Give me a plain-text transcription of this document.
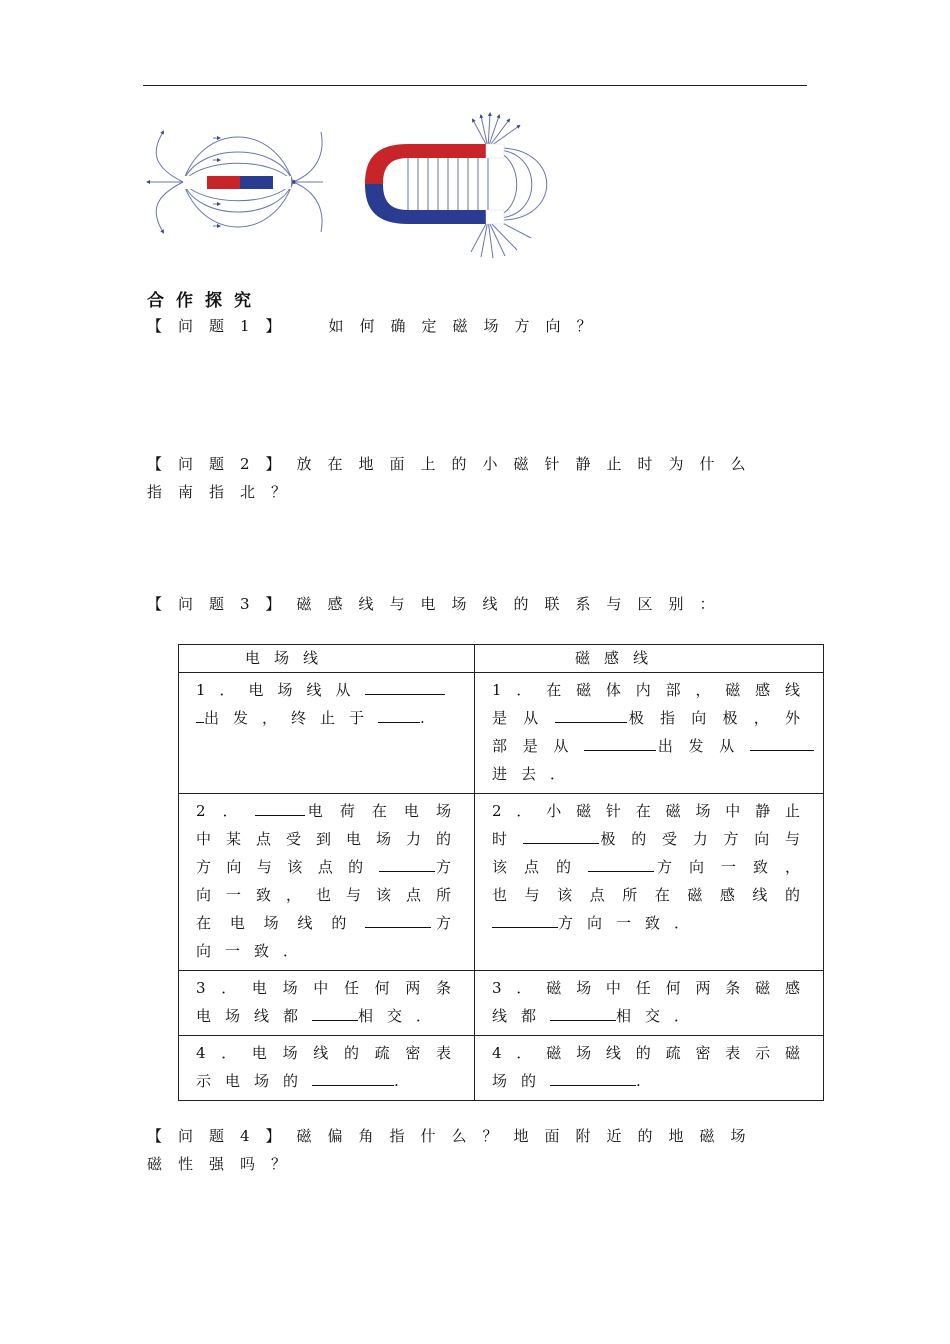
合作探究
【问题1】 如何确定磁场方向？
【问题2】放在地面上的小磁针静止时为什么
指南指北？
【问题3】磁感线与电场线的联系与区别：
电场线	磁感线

1．电场线从
出发，终止于 .	1．在磁体内部，磁感线是从 极指向极，外部是从 出发从进去．

2． 电荷在电场中某点受到电场力的方向与该点的 方向一致，也与该点所在电场线的 方向一致．	2．小磁针在磁场中静止时 极的受力方向与该点的 方向一致，也与该点所在磁感线的方向一致．

3．电场中任何两条电场线都 相交．	3．磁场中任何两条磁感线都 相交．

4．电场线的疏密表示电场的 .	4．磁场线的疏密表示磁场的 .
【问题4】磁偏角指什么？地面附近的地磁场
磁性强吗？
